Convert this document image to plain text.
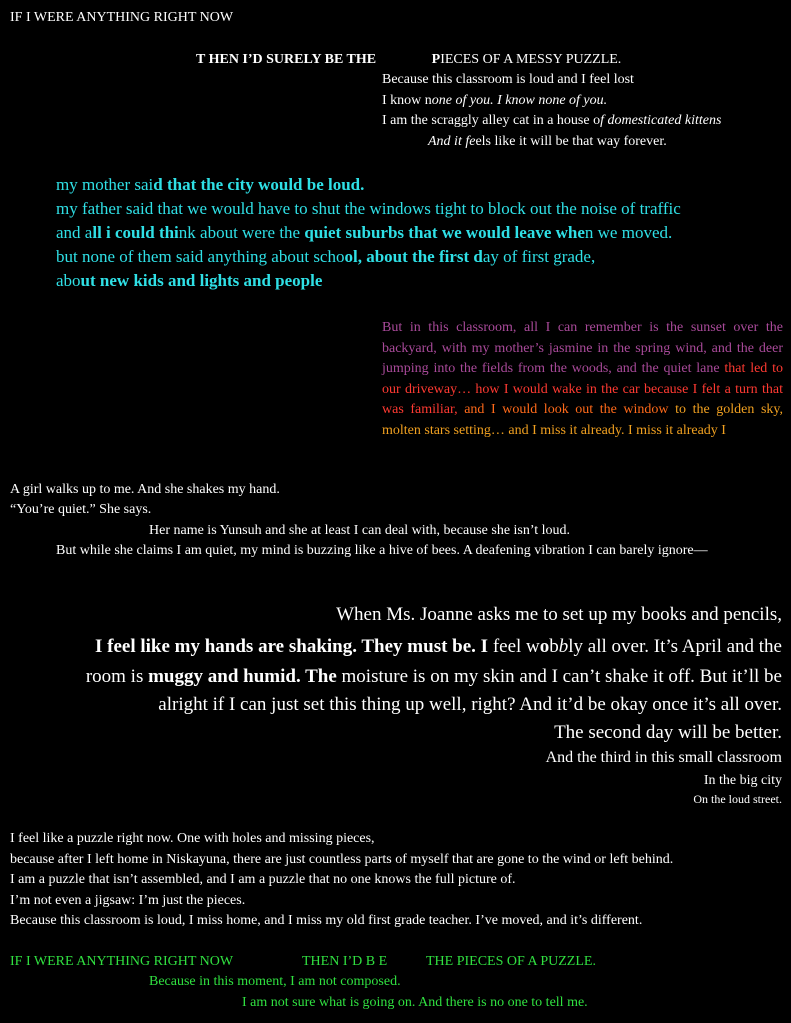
IF I WERE ANYTHING RIGHT NOW
T HEN I’D SURELY BE THE	PIECES OF A MESSY PUZZLE.
Because this classroom is loud and I feel lost
I know none of you. I know none of you.
I am the scraggly alley cat in a house of domesticated kittens
And it feels like it will be that way forever.
my mother said that the city would be loud.
my father said that we would have to shut the windows tight to block out the noise of traffic
and all i could think about were the quiet suburbs that we would leave when we moved.
but none of them said anything about school, about the first day of first grade,
about new kids and lights and people
But in this classroom, all I can remember is the sunset over the backyard, with my mother’s jasmine in the spring wind, and the deer jumping into the fields from the woods, and the quiet lane that led to our driveway… how I would wake in the car because I felt a turn that was familiar, and I would look out the window to the golden sky, molten stars setting… and I miss it already. I miss it already I
A girl walks up to me. And she shakes my hand.
“You’re quiet.” She says.
Her name is Yunsuh and she at least I can deal with, because she isn’t loud.
But while she claims I am quiet, my mind is buzzing like a hive of bees. A deafening vibration I can barely ignore—
When Ms. Joanne asks me to set up my books and pencils,
I feel like my hands are shaking. They must be. I feel wobbly all over. It’s April and the
room is muggy and humid. The moisture is on my skin and I can’t shake it off. But it’ll be
alright if I can just set this thing up well, right? And it’d be okay once it’s all over.
The second day will be better.
And the third in this small classroom
In the big city
On the loud street.
I feel like a puzzle right now. One with holes and missing pieces,
because after I left home in Niskayuna, there are just countless parts of myself that are gone to the wind or left behind.
I am a puzzle that isn’t assembled, and I am a puzzle that no one knows the full picture of.
I’m not even a jigsaw: I’m just the pieces.
Because this classroom is loud, I miss home, and I miss my old first grade teacher. I’ve moved, and it’s different.
IF I WERE ANYTHING RIGHT NOW	THEN I’D B E	THE PIECES OF A PUZZLE.
Because in this moment, I am not composed.
I am not sure what is going on. And there is no one to tell me.
